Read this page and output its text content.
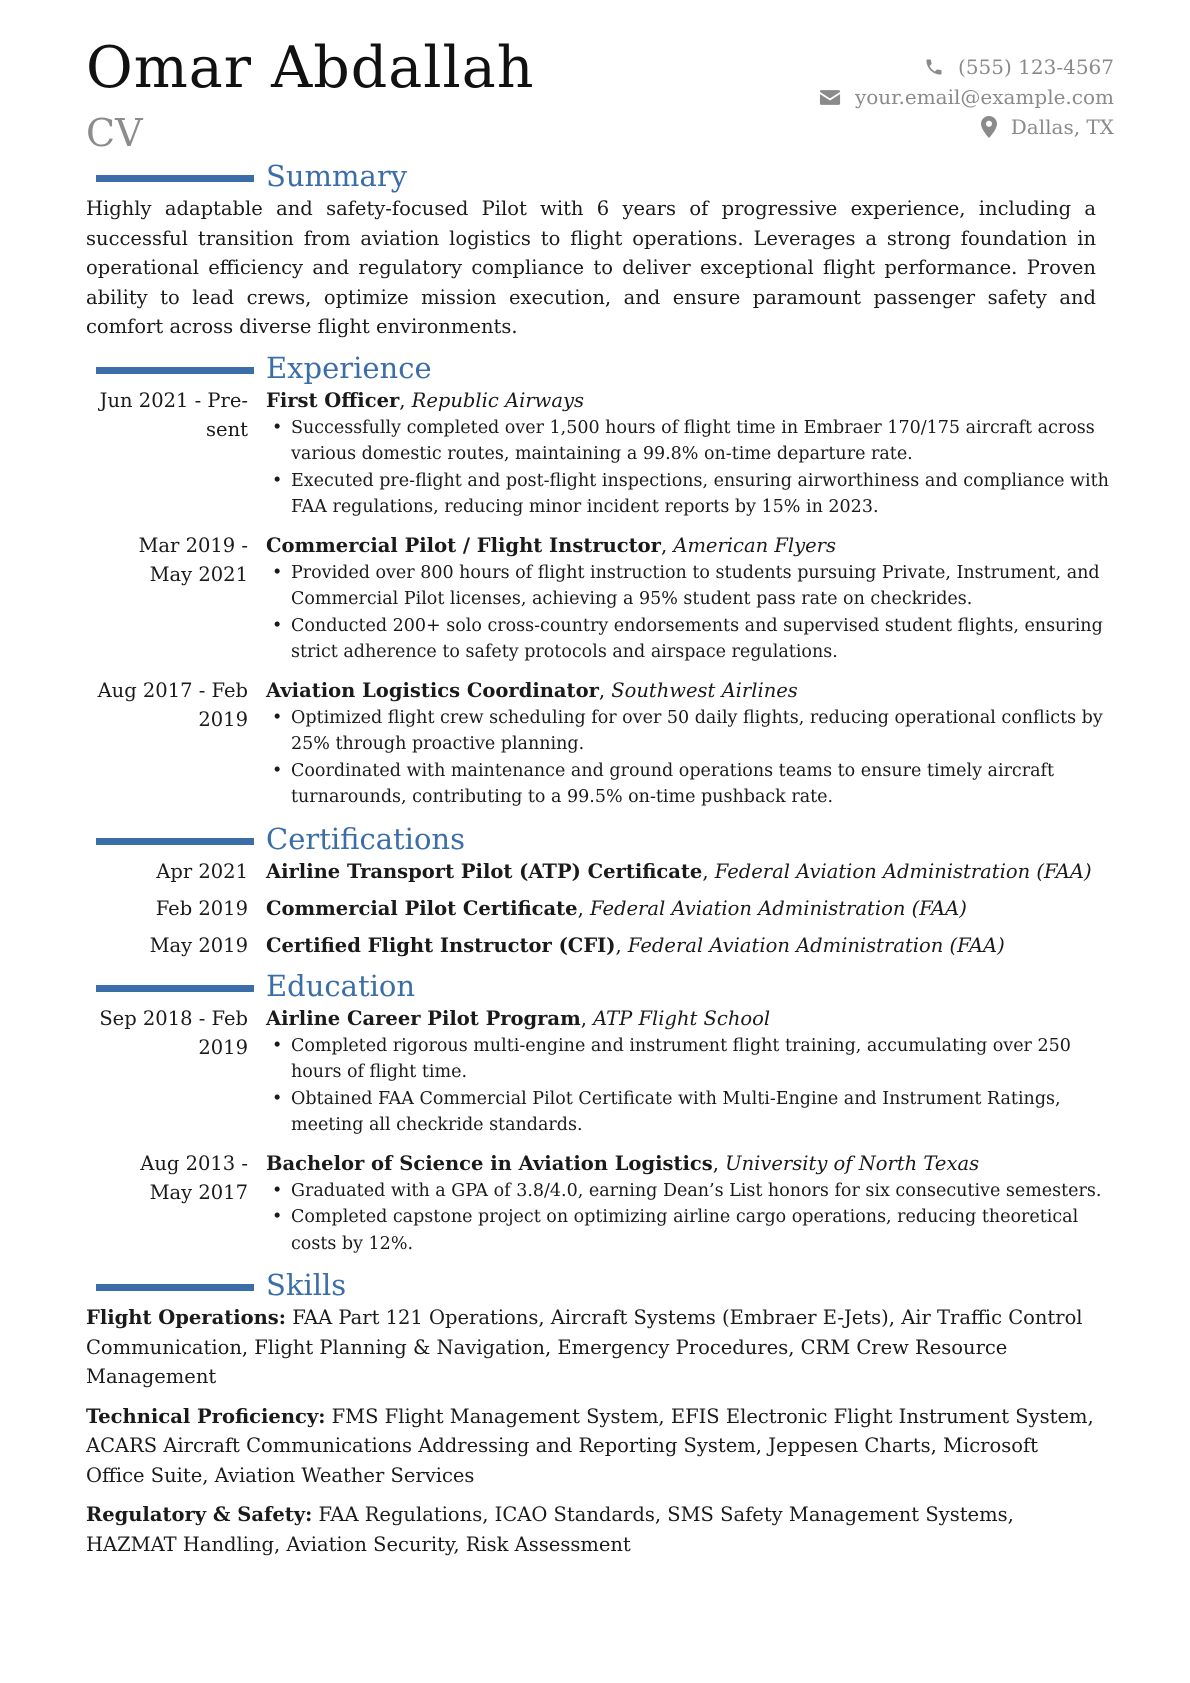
Omar Abdallah
CV
(555) 123-4567
your.email@example.com
Dallas, TX
Summary

Highly adaptable and safety-focused Pilot with 6 years of progressive experience, including a successful transition from aviation logistics to flight operations. Leverages a strong foundation in operational efficiency and regulatory compliance to deliver exceptional flight performance. Proven ability to lead crews, optimize mission execution, and ensure paramount passenger safety and comfort across diverse flight environments.

Experience
Jun 2021 - Pre-
sent
First Officer, Republic Airways
• Successfully completed over 1,500 hours of flight time in Embraer 170/175 aircraft across various domestic routes, maintaining a 99.8% on-time departure rate.
• Executed pre-flight and post-flight inspections, ensuring airworthiness and compliance with FAA regulations, reducing minor incident reports by 15% in 2023.
Mar 2019 -
May 2021
Commercial Pilot / Flight Instructor, American Flyers
• Provided over 800 hours of flight instruction to students pursuing Private, Instrument, and Commercial Pilot licenses, achieving a 95% student pass rate on checkrides.
• Conducted 200+ solo cross-country endorsements and supervised student flights, ensuring strict adherence to safety protocols and airspace regulations.
Aug 2017 - Feb
2019
Aviation Logistics Coordinator, Southwest Airlines
• Optimized flight crew scheduling for over 50 daily flights, reducing operational conflicts by 25% through proactive planning.
• Coordinated with maintenance and ground operations teams to ensure timely aircraft turnarounds, contributing to a 99.5% on-time pushback rate.
Certifications
Apr 2021 Airline Transport Pilot (ATP) Certificate, Federal Aviation Administration (FAA)
Feb 2019 Commercial Pilot Certificate, Federal Aviation Administration (FAA)
May 2019 Certified Flight Instructor (CFI), Federal Aviation Administration (FAA)
Education
Sep 2018 - Feb
2019
Airline Career Pilot Program, ATP Flight School
• Completed rigorous multi-engine and instrument flight training, accumulating over 250 hours of flight time.
• Obtained FAA Commercial Pilot Certificate with Multi-Engine and Instrument Ratings, meeting all checkride standards.
Aug 2013 -
May 2017
Bachelor of Science in Aviation Logistics, University of North Texas
• Graduated with a GPA of 3.8/4.0, earning Dean’s List honors for six consecutive semesters.
• Completed capstone project on optimizing airline cargo operations, reducing theoretical costs by 12%.
Skills
Flight Operations: FAA Part 121 Operations, Aircraft Systems (Embraer E-Jets), Air Traffic Control Communication, Flight Planning & Navigation, Emergency Procedures, CRM Crew Resource Management
Technical Proficiency: FMS Flight Management System, EFIS Electronic Flight Instrument System, ACARS Aircraft Communications Addressing and Reporting System, Jeppesen Charts, Microsoft Office Suite, Aviation Weather Services
Regulatory & Safety: FAA Regulations, ICAO Standards, SMS Safety Management Systems, HAZMAT Handling, Aviation Security, Risk Assessment
